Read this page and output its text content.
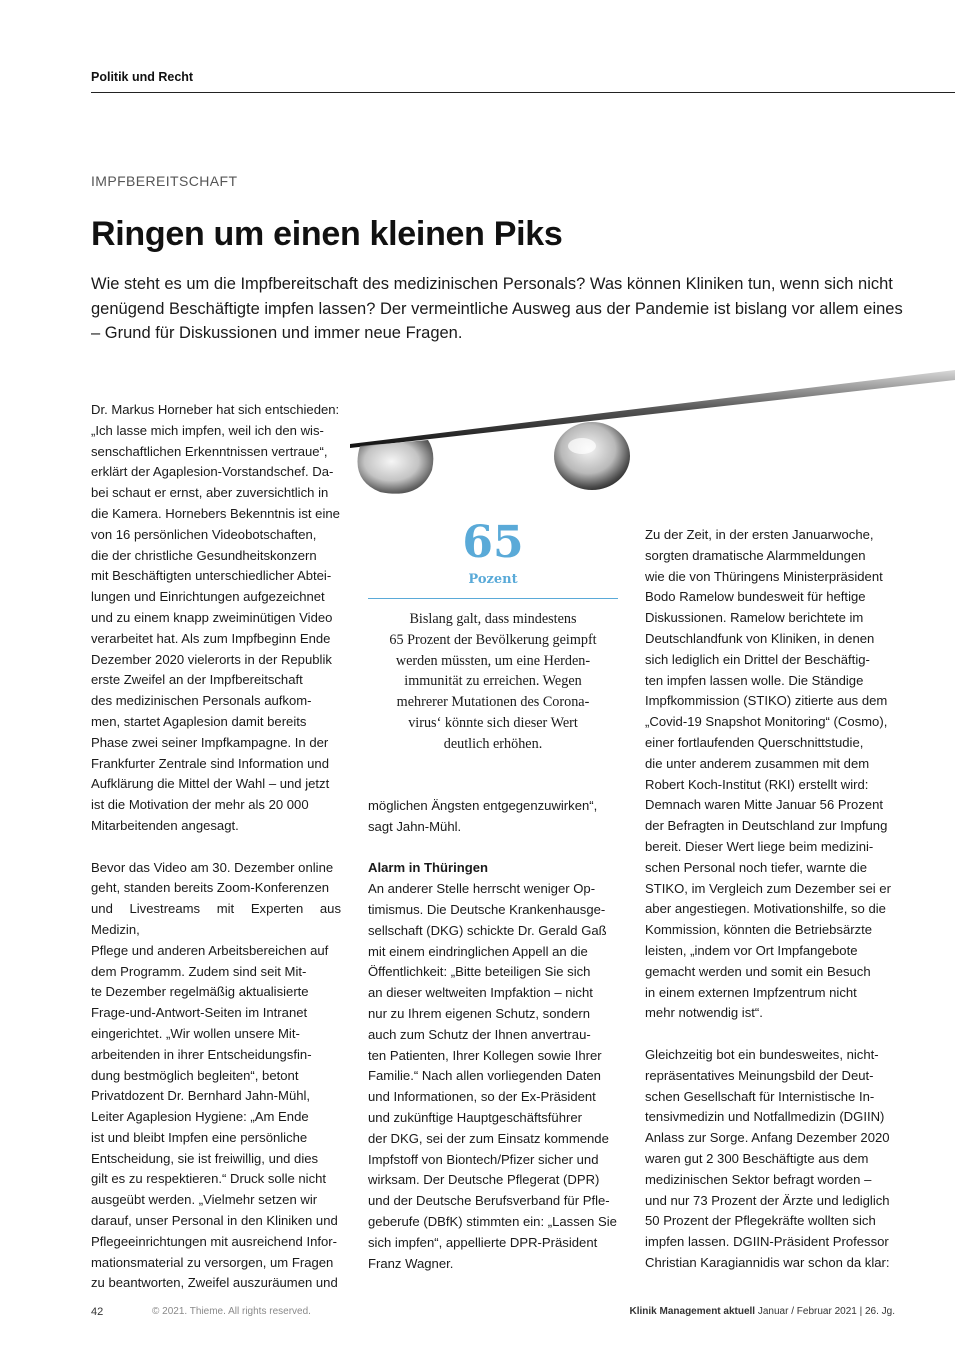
Politik und Recht
IMPFBEREITSCHAFT
Ringen um einen kleinen Piks
Wie steht es um die Impfbereitschaft des medizinischen Personals? Was können Kliniken tun, wenn sich nicht genügend Beschäftigte impfen lassen? Der vermeintliche Ausweg aus der Pandemie ist bislang vor allem eines – Grund für Diskussionen und immer neue Fragen.

Dr. Markus Horneber hat sich entschieden:
„Ich lasse mich impfen, weil ich den wis-
senschaftlichen Erkenntnissen vertraue“,
erklärt der Agaplesion-Vorstandschef. Da-
bei schaut er ernst, aber zuversichtlich in
die Kamera. Hornebers Bekenntnis ist eine
von 16 persönlichen Videobotschaften,
die der christliche Gesundheitskonzern
mit Beschäftigten unterschiedlicher Abtei-
lungen und Einrichtungen aufgezeichnet
und zu einem knapp zweiminütigen Video
verarbeitet hat. Als zum Impfbeginn Ende
Dezember 2020 vielerorts in der Republik
erste Zweifel an der Impfbereitschaft
des medizinischen Personals aufkom-
men, startet Agaplesion damit bereits
Phase zwei seiner Impfkampagne. In der
Frankfurter Zentrale sind Information und
Aufklärung die Mittel der Wahl – und jetzt
ist die Motivation der mehr als 20 000
Mitarbeitenden angesagt.

Bevor das Video am 30. Dezember online
geht, standen bereits Zoom-Konferenzen
und Livestreams mit Experten aus Medizin,
Pflege und anderen Arbeitsbereichen auf
dem Programm. Zudem sind seit Mit-
te Dezember regelmäßig aktualisierte
Frage-und-Antwort-Seiten im Intranet
eingerichtet. „Wir wollen unsere Mit-
arbeitenden in ihrer Entscheidungsfin-
dung bestmöglich begleiten“, betont
Privatdozent Dr. Bernhard Jahn-Mühl,
Leiter Agaplesion Hygiene: „Am Ende
ist und bleibt Impfen eine persönliche
Entscheidung, sie ist freiwillig, und dies
gilt es zu respektieren.“ Druck solle nicht
ausgeübt werden. „Vielmehr setzen wir
darauf, unser Personal in den Kliniken und
Pflegeeinrichtungen mit ausreichend Infor-
mationsmaterial zu versorgen, um Fragen
zu beantworten, Zweifel auszuräumen und

65
Pozent
Bislang galt, dass mindestens
65 Prozent der Bevölkerung geimpft
werden müssten, um eine Herden-
immunität zu erreichen. Wegen
mehrerer Mutationen des Corona-
virus‘ könnte sich dieser Wert
deutlich erhöhen.

möglichen Ängsten entgegenzuwirken“,
sagt Jahn-Mühl.

Alarm in Thüringen

An anderer Stelle herrscht weniger Op-
timismus. Die Deutsche Krankenhausge-
sellschaft (DKG) schickte Dr. Gerald Gaß
mit einem eindringlichen Appell an die
Öffentlichkeit: „Bitte beteiligen Sie sich
an dieser weltweiten Impfaktion – nicht
nur zu Ihrem eigenen Schutz, sondern
auch zum Schutz der Ihnen anvertrau-
ten Patienten, Ihrer Kollegen sowie Ihrer
Familie.“ Nach allen vorliegenden Daten
und Informationen, so der Ex-Präsident
und zukünftige Hauptgeschäftsführer
der DKG, sei der zum Einsatz kommende
Impfstoff von Biontech/Pfizer sicher und
wirksam. Der Deutsche Pflegerat (DPR)
und der Deutsche Berufsverband für Pfle-
geberufe (DBfK) stimmten ein: „Lassen Sie
sich impfen“, appellierte DPR-Präsident
Franz Wagner.

Zu der Zeit, in der ersten Januarwoche,
sorgten dramatische Alarmmeldungen
wie die von Thüringens Ministerpräsident
Bodo Ramelow bundesweit für heftige
Diskussionen. Ramelow berichtete im
Deutschlandfunk von Kliniken, in denen
sich lediglich ein Drittel der Beschäftig-
ten impfen lassen wolle. Die Ständige
Impfkommission (STIKO) zitierte aus dem
„Covid-19 Snapshot Monitoring“ (Cosmo),
einer fortlaufenden Querschnittstudie,
die unter anderem zusammen mit dem
Robert Koch-Institut (RKI) erstellt wird:
Demnach waren Mitte Januar 56 Prozent
der Befragten in Deutschland zur Impfung
bereit. Dieser Wert liege beim medizini-
schen Personal noch tiefer, warnte die
STIKO, im Vergleich zum Dezember sei er
aber angestiegen. Motivationshilfe, so die
Kommission, könnten die Betriebsärzte
leisten, „indem vor Ort Impfangebote
gemacht werden und somit ein Besuch
in einem externen Impfzentrum nicht
mehr notwendig ist“.

Gleichzeitig bot ein bundesweites, nicht-
repräsentatives Meinungsbild der Deut-
schen Gesellschaft für Internistische In-
tensivmedizin und Notfallmedizin (DGIIN)
Anlass zur Sorge. Anfang Dezember 2020
waren gut 2 300 Beschäftigte aus dem
medizinischen Sektor befragt worden –
und nur 73 Prozent der Ärzte und lediglich
50 Prozent der Pflegekräfte wollten sich
impfen lassen. DGIIN-Präsident Professor
Christian Karagiannidis war schon da klar:

42	© 2021. Thieme. All rights reserved.	Klinik Management aktuell Januar / Februar 2021 | 26. Jg.
